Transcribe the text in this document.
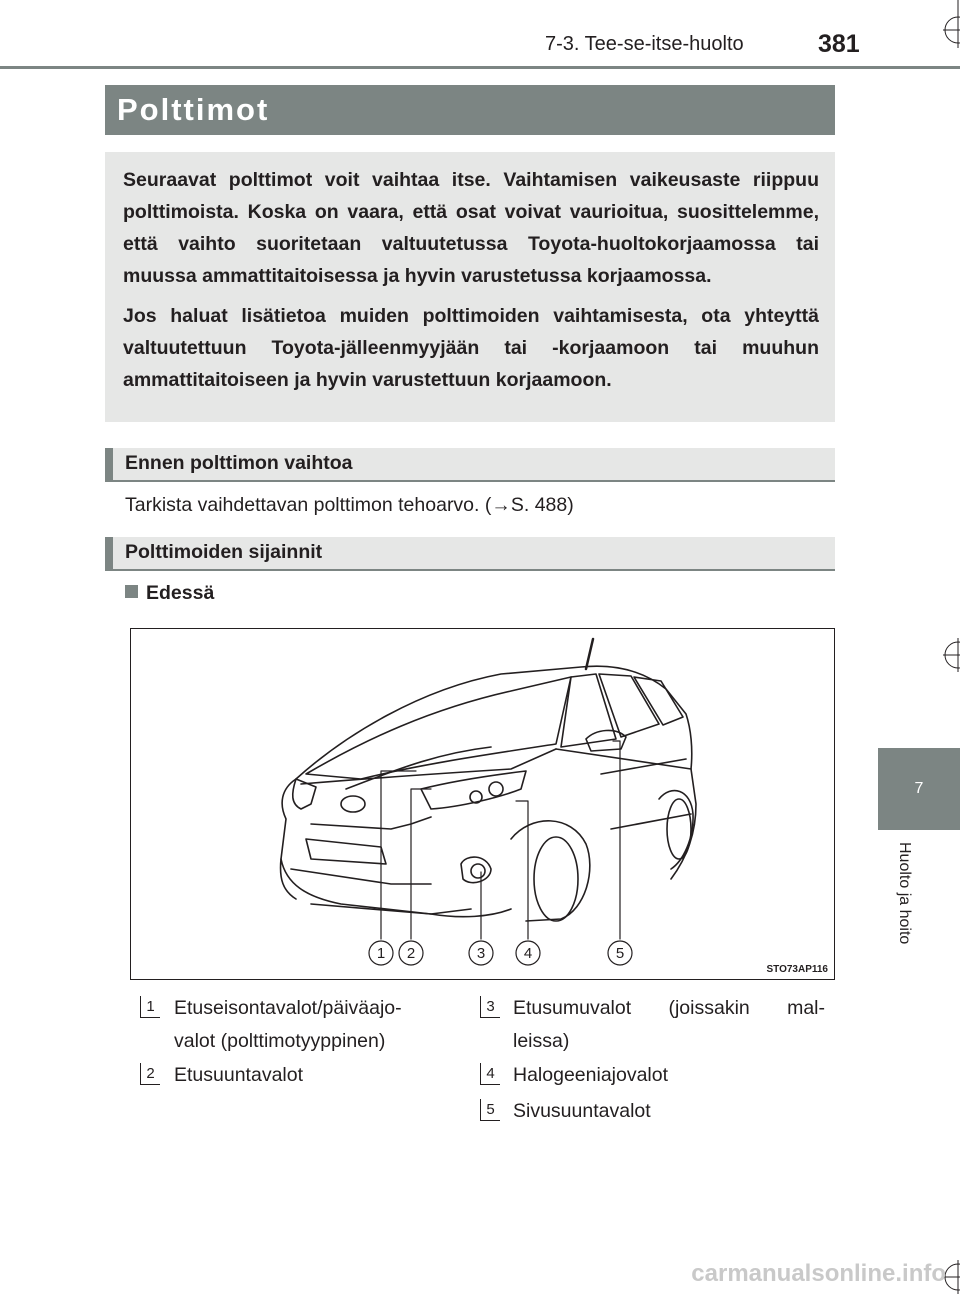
7-3. Tee-se-itse-huolto	381
7
Huolto ja hoito
Polttimot

Seuraavat polttimot voit vaihtaa itse. Vaihtamisen vaikeusaste riippuu polttimoista. Koska on vaara, että osat voivat vaurioitua, suosittelemme, että vaihto suoritetaan valtuutetussa Toyota-huoltokorjaamossa tai muussa ammattitaitoisessa ja hyvin varustetussa korjaamossa.

Jos haluat lisätietoa muiden polttimoiden vaihtamisesta, ota yhteyttä valtuutettuun Toyota-jälleenmyyjään tai -korjaamoon tai muuhun ammattitaitoiseen ja hyvin varustettuun korjaamoon.

Ennen polttimon vaihtoa
Tarkista vaihdettavan polttimon tehoarvo. (→S. 488)
Polttimoiden sijainnit
Edessä
1 2	3	4	5
STO73AP116
1 Etuseisontavalot/päiväajo-
valot (polttimotyyppinen)
2 Etusuuntavalot
3 Etusumuvalot (joissakin mal-
leissa)
4 Halogeeniajovalot
5 Sivusuuntavalot
carmanualsonline.info
